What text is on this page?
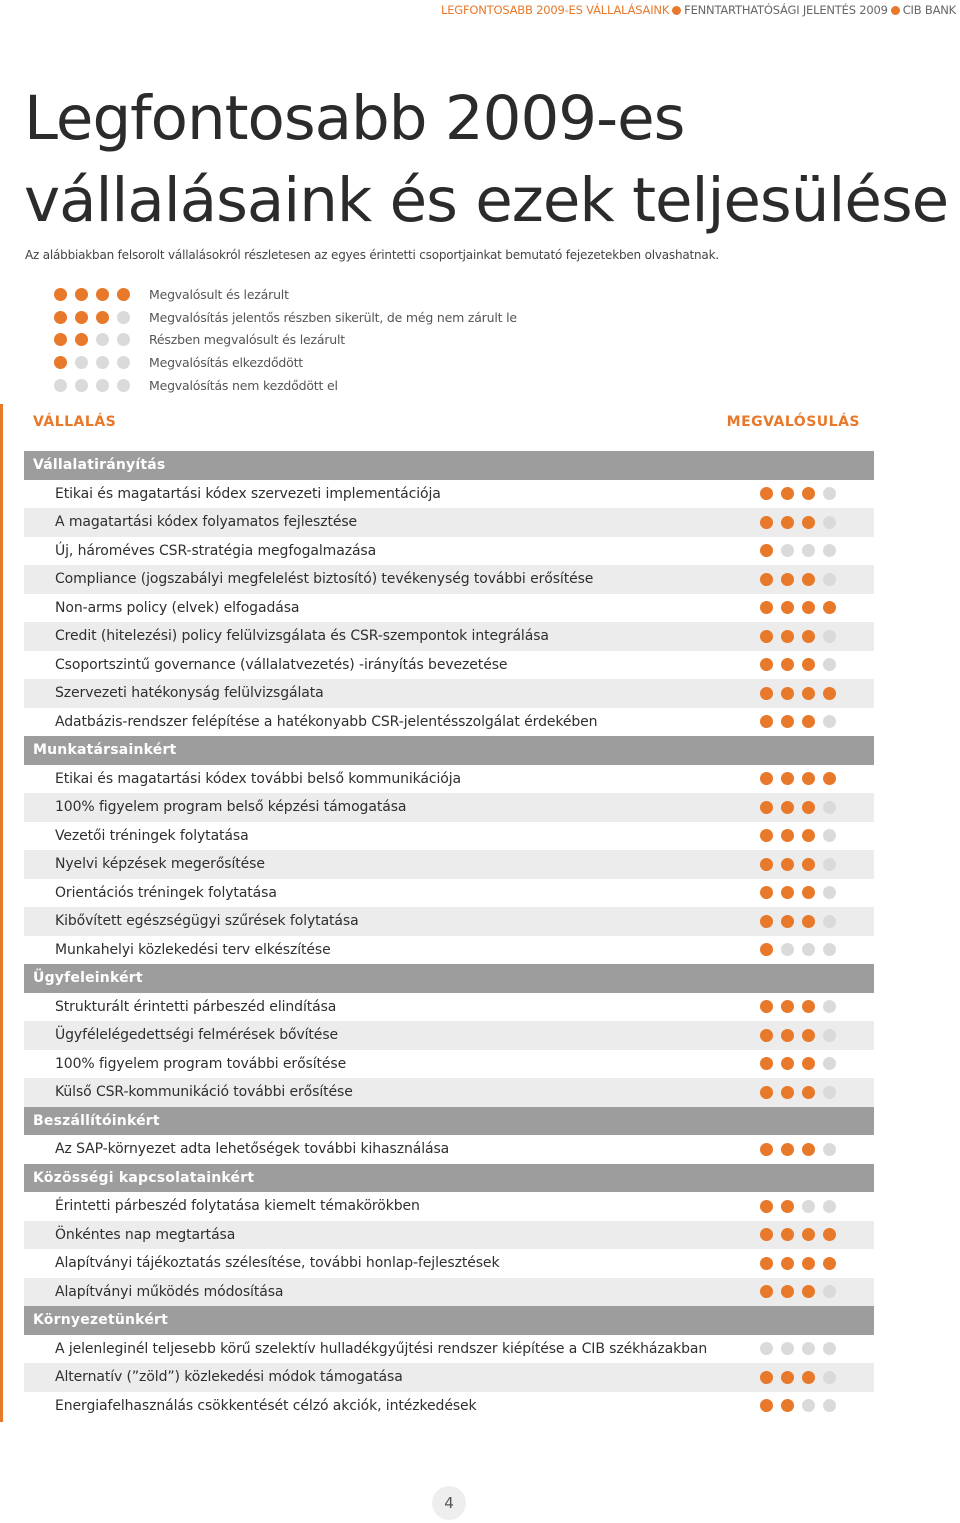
LEGFONTOSABB 2009-ES VÁLLALÁSAINK FENNTARTHATÓSÁGI JELENTÉS 2009 CIB BANK
Legfontosabb 2009-es
vállalásaink és ezek teljesülése
Az alábbiakban felsorolt vállalásokról részletesen az egyes érintetti csoportjainkat bemutató fejezetekben olvashatnak.
Megvalósult és lezárult
Megvalósítás jelentős részben sikerült, de még nem zárult le
Részben megvalósult és lezárult
Megvalósítás elkezdődött
Megvalósítás nem kezdődött el
VÁLLALÁS	MEGVALÓSULÁS
Vállalatirányítás
Etikai és magatartási kódex szervezeti implementációja
A magatartási kódex folyamatos fejlesztése
Új, hároméves CSR-stratégia megfogalmazása
Compliance (jogszabályi megfelelést biztosító) tevékenység további erősítése
Non-arms policy (elvek) elfogadása
Credit (hitelezési) policy felülvizsgálata és CSR-szempontok integrálása
Csoportszintű governance (vállalatvezetés) -irányítás bevezetése
Szervezeti hatékonyság felülvizsgálata
Adatbázis-rendszer felépítése a hatékonyabb CSR-jelentésszolgálat érdekében
Munkatársainkért
Etikai és magatartási kódex további belső kommunikációja
100% figyelem program belső képzési támogatása
Vezetői tréningek folytatása
Nyelvi képzések megerősítése
Orientációs tréningek folytatása
Kibővített egészségügyi szűrések folytatása
Munkahelyi közlekedési terv elkészítése
Ügyfeleinkért
Strukturált érintetti párbeszéd elindítása
Ügyfélelégedettségi felmérések bővítése
100% figyelem program további erősítése
Külső CSR-kommunikáció további erősítése
Beszállítóinkért
Az SAP-környezet adta lehetőségek további kihasználása
Közösségi kapcsolatainkért
Érintetti párbeszéd folytatása kiemelt témakörökben
Önkéntes nap megtartása
Alapítványi tájékoztatás szélesítése, további honlap-fejlesztések
Alapítványi működés módosítása
Környezetünkért
A jelenleginél teljesebb körű szelektív hulladékgyűjtési rendszer kiépítése a CIB székházakban
Alternatív (”zöld”) közlekedési módok támogatása
Energiafelhasználás csökkentését célzó akciók, intézkedések
4
